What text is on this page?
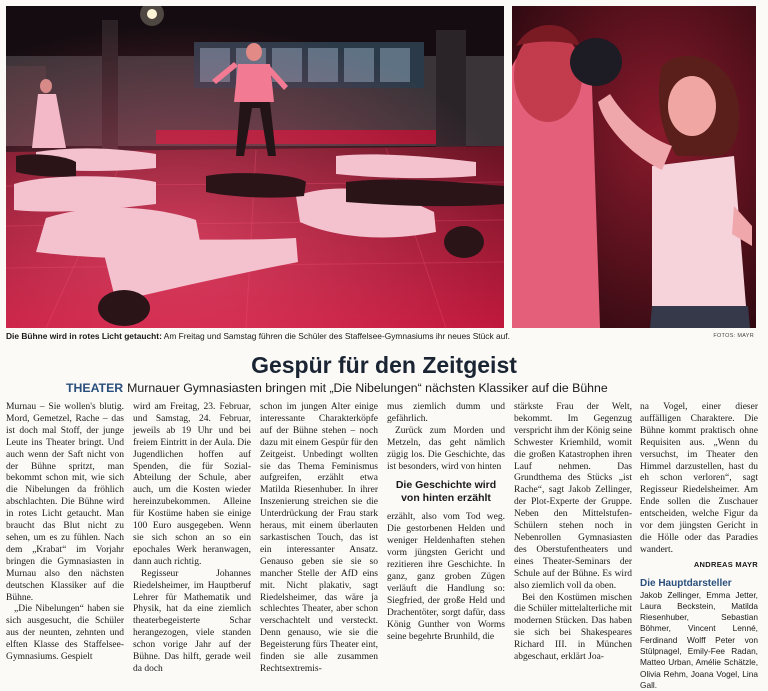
Die Bühne wird in rotes Licht getaucht: Am Freitag und Samstag führen die Schüler des Staffelsee-Gymnasiums ihr neues Stück auf.	FOTOS: MAYR
Gespür für den Zeitgeist
THEATER Murnauer Gymnasiasten bringen mit „Die Nibelungen“ nächsten Klassiker auf die Bühne

Murnau – Sie wollen's blutig. Mord, Gemetzel, Rache – das ist doch mal Stoff, der junge Leute ins Theater bringt. Und auch wenn der Saft nicht von der Bühne spritzt, man bekommt schon mit, wie sich die Nibelungen da fröhlich abschlachten. Die Bühne wird in rotes Licht getaucht. Man braucht das Blut nicht zu sehen, um es zu fühlen. Nach dem „Krabat“ im Vorjahr bringen die Gymnasiasten in Murnau also den nächsten deutschen Klassiker auf die Bühne.

„Die Nibelungen“ haben sie sich ausgesucht, die Schüler aus der neunten, zehnten und elften Klasse des Staffelsee-Gymnasiums. Gespielt

wird am Freitag, 23. Februar, und Samstag, 24. Februar, jeweils ab 19 Uhr und bei freiem Eintritt in der Aula. Die Jugendlichen hoffen auf Spenden, die für Sozial-Abteilung der Schule, aber auch, um die Kosten wieder hereinzubekommen. Alleine für Kostüme haben sie einige 100 Euro ausgegeben. Wenn sie sich schon an so ein epochales Werk heranwagen, dann auch richtig.

Regisseur Johannes Riedelsheimer, im Hauptberuf Lehrer für Mathematik und Physik, hat da eine ziemlich theaterbegeisterte Schar herangezogen, viele standen schon vorige Jahr auf der Bühne. Das hilft, gerade weil da doch

schon im jungen Alter einige interessante Charakterköpfe auf der Bühne stehen – noch dazu mit einem Gespür für den Zeitgeist. Unbedingt wollten sie das Thema Feminismus aufgreifen, erzählt etwa Matilda Riesenhuber. In ihrer Inszenierung streichen sie die Unterdrückung der Frau stark heraus, mit einem überlauten sarkastischen Touch, das ist ein interessanter Ansatz. Genauso geben sie sie so mancher Stelle der AfD eins mit. Nicht plakativ, sagt Riedelsheimer, das wäre ja schlechtes Theater, aber schon verschachtelt und versteckt. Denn genauso, wie sie die Begeisterung fürs Theater eint, finden sie alle zusammen Rechtsextremis-

mus ziemlich dumm und gefährlich.

Zurück zum Morden und Metzeln, das geht nämlich zügig los. Die Geschichte, das ist besonders, wird von hinten

Die Geschichte wird von hinten erzählt

erzählt, also vom Tod weg. Die gestorbenen Helden und weniger Heldenhaften stehen vorm jüngsten Gericht und rezitieren ihre Geschichte. In ganz, ganz groben Zügen verläuft die Handlung so: Siegfried, der große Held und Drachentöter, sorgt dafür, dass König Gunther von Worms seine begehrte Brunhild, die

stärkste Frau der Welt, bekommt. Im Gegenzug verspricht ihm der König seine Schwester Kriemhild, womit die großen Katastrophen ihren Lauf nehmen. Das Grundthema des Stücks „ist Rache“, sagt Jakob Zellinger, der Plot-Experte der Gruppe. Neben den Mittelstufen-Schülern stehen noch in Nebenrollen Gymnasiasten des Oberstufentheaters und eines Theater-Seminars der Schule auf der Bühne. Es wird also ziemlich voll da oben.

Bei den Kostümen mischen die Schüler mittelalterliche mit modernen Stücken. Das haben sie sich bei Shakespeares Richard III. in München abgeschaut, erklärt Joa-

na Vogel, einer dieser auffälligen Charaktere. Die Bühne kommt praktisch ohne Requisiten aus. „Wenn du versuchst, im Theater den Himmel darzustellen, hast du eh schon verloren“, sagt Regisseur Riedelsheimer. Am Ende sollen die Zuschauer entscheiden, welche Figur da vor dem jüngsten Gericht in die Hölle oder das Paradies wandert.

ANDREAS MAYR
Die Hauptdarsteller
Jakob Zellinger, Emma Jetter, Laura Beckstein, Matilda Riesenhuber, Sebastian Böhmer, Vincent Lenné, Ferdinand Wolff Peter von Stülpnagel, Emily-Fee Radan, Matteo Urban, Amélie Schätzle, Olivia Rehm, Joana Vogel, Lina Gall.
